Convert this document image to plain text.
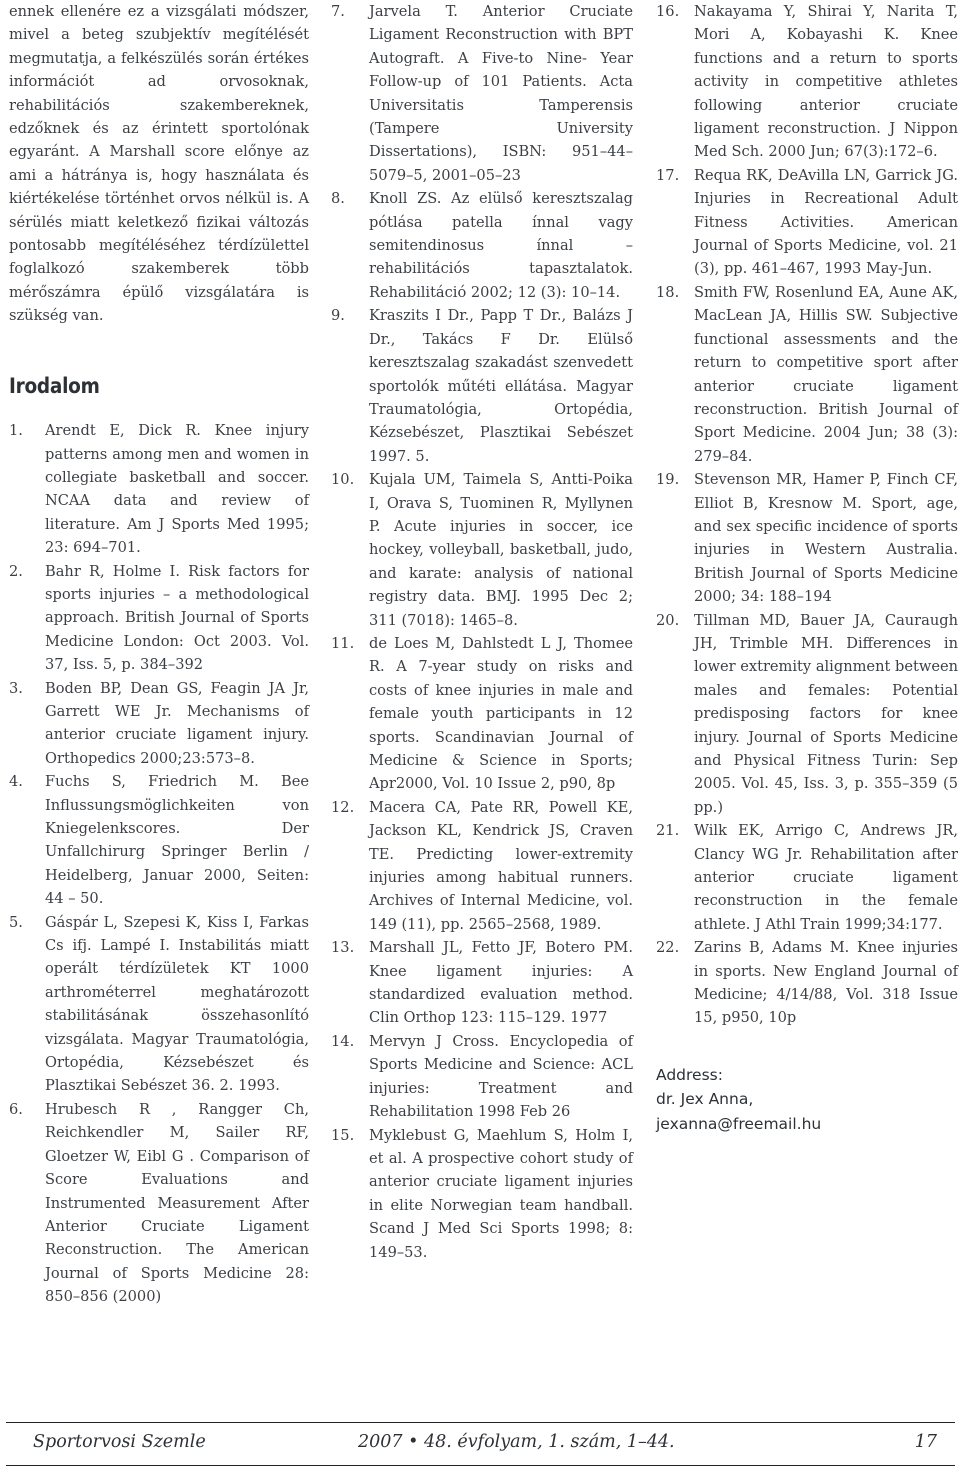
ennek ellenére ez a vizsgálati módszer, mivel a beteg szubjektív megítélését megmutatja, a felkészülés során értékes információt ad orvosoknak, rehabilitációs szakembereknek, edzőknek és az érintett sportolónak egyaránt. A Marshall score előnye az ami a hátránya is, hogy használata és kiértékelése történhet orvos nélkül is. A sérülés miatt keletkező fizikai változás pontosabb megítéléséhez térdízülettel foglalkozó szakemberek több mérőszámra épülő vizsgálatára is szükség van.

Irodalom
1.	Arendt E, Dick R. Knee injury patterns among men and women in collegiate basketball and soccer. NCAA data and review of literature. Am J Sports Med 1995; 23: 694–701.
2.	Bahr R, Holme I. Risk factors for sports injuries – a methodological approach. British Journal of Sports Medicine London: Oct 2003. Vol. 37, Iss. 5, p. 384–392
3.	Boden BP, Dean GS, Feagin JA Jr, Garrett WE Jr. Mechanisms of anterior cruciate ligament injury. Orthopedics 2000;23:573–8.
4.	Fuchs S, Friedrich M. Bee Influssungsmöglichkeiten von Kniegelenkscores. Der Unfallchirurg Springer Berlin / Heidelberg, Januar 2000, Seiten: 44 – 50.
5.	Gáspár L, Szepesi K, Kiss I, Farkas Cs ifj. Lampé I. Instabilitás miatt operált térdízületek KT 1000 arthrométerrel meghatározott stabilitásának összehasonlító vizsgálata. Magyar Traumatológia, Ortopédia, Kézsebészet és Plasztikai Sebészet 36. 2. 1993.
6.	Hrubesch R , Rangger Ch, Reichkendler M, Sailer RF, Gloetzer W, Eibl G . Comparison of Score Evaluations and Instrumented Measurement After Anterior Cruciate Ligament Reconstruction. The American Journal of Sports Medicine 28: 850–856 (2000)
7.	Jarvela T. Anterior Cruciate Ligament Reconstruction with BPT Autograft. A Five-to Nine- Year Follow-up of 101 Patients. Acta Universitatis Tamperensis (Tampere University Dissertations), ISBN: 951–44–5079–5, 2001–05–23
8.	Knoll ZS. Az elülső keresztszalag pótlása patella ínnal vagy semitendinosus ínnal – rehabilitációs tapasztalatok. Rehabilitáció 2002; 12 (3): 10–14.
9.	Kraszits I Dr., Papp T Dr., Balázs J Dr., Takács F Dr. Elülső keresztszalag szakadást szenvedett sportolók műtéti ellátása. Magyar Traumatológia, Ortopédia, Kézsebészet, Plasztikai Sebészet 1997. 5.
10.	Kujala UM, Taimela S, Antti-Poika I, Orava S, Tuominen R, Myllynen P. Acute injuries in soccer, ice hockey, volleyball, basketball, judo, and karate: analysis of national registry data. BMJ. 1995 Dec 2; 311 (7018): 1465–8.
11.	de Loes M, Dahlstedt L J, Thomee R. A 7-year study on risks and costs of knee injuries in male and female youth participants in 12 sports. Scandinavian Journal of Medicine & Science in Sports; Apr2000, Vol. 10 Issue 2, p90, 8p
12.	Macera CA, Pate RR, Powell KE, Jackson KL, Kendrick JS, Craven TE. Predicting lower-extremity injuries among habitual runners. Archives of Internal Medicine, vol. 149 (11), pp. 2565–2568, 1989.
13.	Marshall JL, Fetto JF, Botero PM. Knee ligament injuries: A standardized evaluation method. Clin Orthop 123: 115–129. 1977
14.	Mervyn J Cross. Encyclopedia of Sports Medicine and Science: ACL injuries: Treatment and Rehabilitation 1998 Feb 26
15.	Myklebust G, Maehlum S, Holm I, et al. A prospective cohort study of anterior cruciate ligament injuries in elite Norwegian team handball. Scand J Med Sci Sports 1998; 8: 149–53.
16.	Nakayama Y, Shirai Y, Narita T, Mori A, Kobayashi K. Knee functions and a return to sports activity in competitive athletes following anterior cruciate ligament reconstruction. J Nippon Med Sch. 2000 Jun; 67(3):172–6.
17.	Requa RK, DeAvilla LN, Garrick JG. Injuries in Recreational Adult Fitness Activities. American Journal of Sports Medicine, vol. 21 (3), pp. 461–467, 1993 May-Jun.
18.	Smith FW, Rosenlund EA, Aune AK, MacLean JA, Hillis SW. Subjective functional assessments and the return to competitive sport after anterior cruciate ligament reconstruction. British Journal of Sport Medicine. 2004 Jun; 38 (3): 279–84.
19.	Stevenson MR, Hamer P, Finch CF, Elliot B, Kresnow M. Sport, age, and sex specific incidence of sports injuries in Western Australia. British Journal of Sports Medicine 2000; 34: 188–194
20.	Tillman MD, Bauer JA, Cauraugh JH, Trimble MH. Differences in lower extremity alignment between males and females: Potential predisposing factors for knee injury. Journal of Sports Medicine and Physical Fitness Turin: Sep 2005. Vol. 45, Iss. 3, p. 355–359 (5 pp.)
21.	Wilk EK, Arrigo C, Andrews JR, Clancy WG Jr. Rehabilitation after anterior cruciate ligament reconstruction in the female athlete. J Athl Train 1999;34:177.
22.	Zarins B, Adams M. Knee injuries in sports. New England Journal of Medicine; 4/14/88, Vol. 318 Issue 15, p950, 10p
Address:
dr. Jex Anna,
jexanna@freemail.hu
Sportorvosi Szemle	2007 • 48. évfolyam, 1. szám, 1–44.	17
